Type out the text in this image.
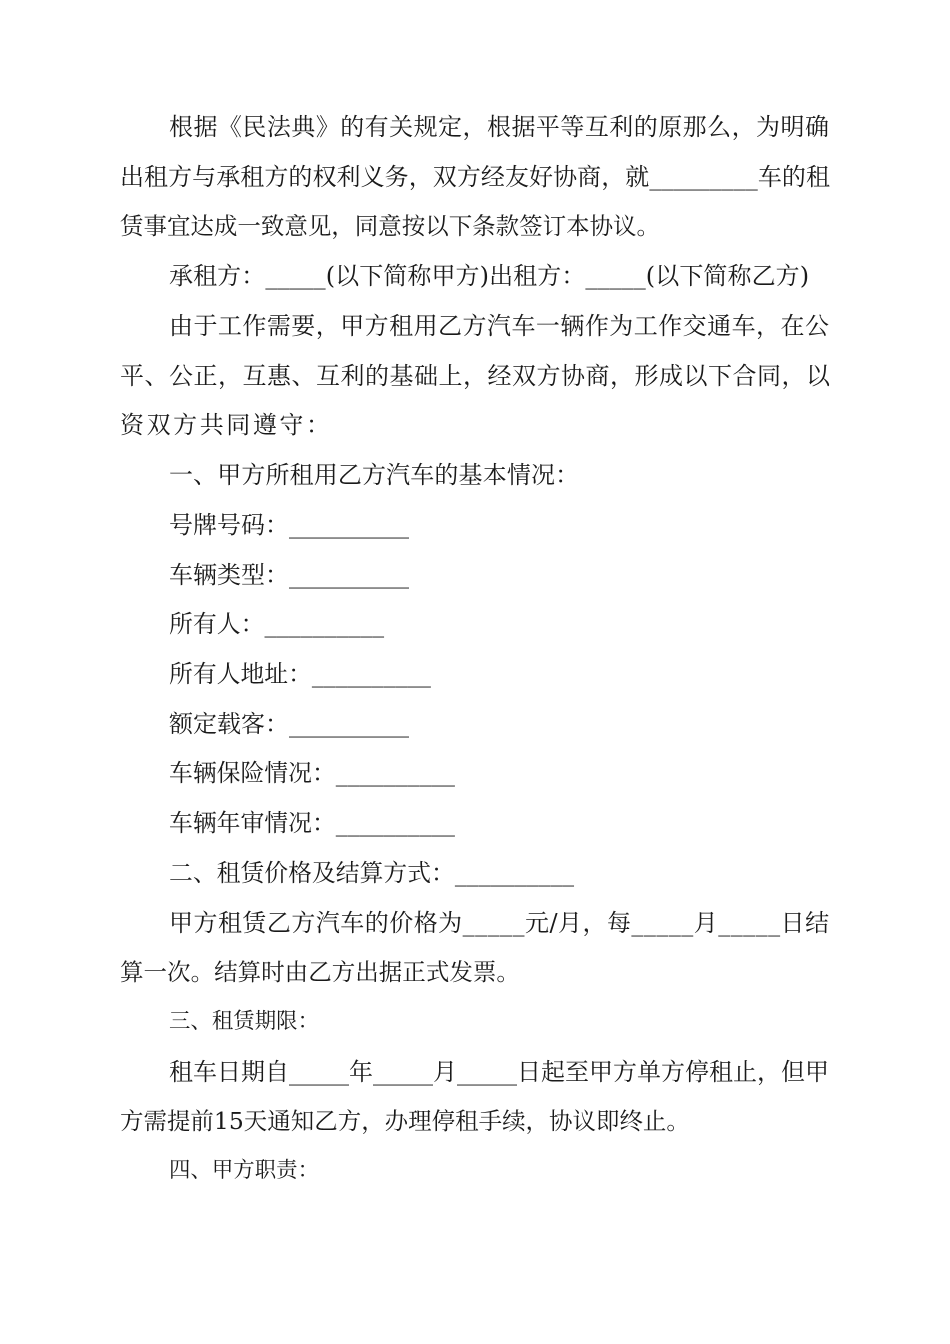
根据《民法典》的有关规定，根据平等互利的原那么，为明确
出租方与承租方的权利义务，双方经友好协商，就_________车的租
赁事宜达成一致意见，同意按以下条款签订本协议。
承租方：_____(以下简称甲方)出租方：_____(以下简称乙方)
由于工作需要，甲方租用乙方汽车一辆作为工作交通车，在公
平、公正，互惠、互利的基础上，经双方协商，形成以下合同，以
资双方共同遵守：
一、甲方所租用乙方汽车的基本情况：
号牌号码：__________
车辆类型：__________
所有人：__________
所有人地址：__________
额定载客：__________
车辆保险情况：__________
车辆年审情况：__________
二、租赁价格及结算方式：__________
甲方租赁乙方汽车的价格为_____元/月，每_____月_____日结
算一次。结算时由乙方出据正式发票。
三、租赁期限：
租车日期自_____年_____月_____日起至甲方单方停租止，但甲
方需提前15天通知乙方，办理停租手续，协议即终止。
四、甲方职责：
